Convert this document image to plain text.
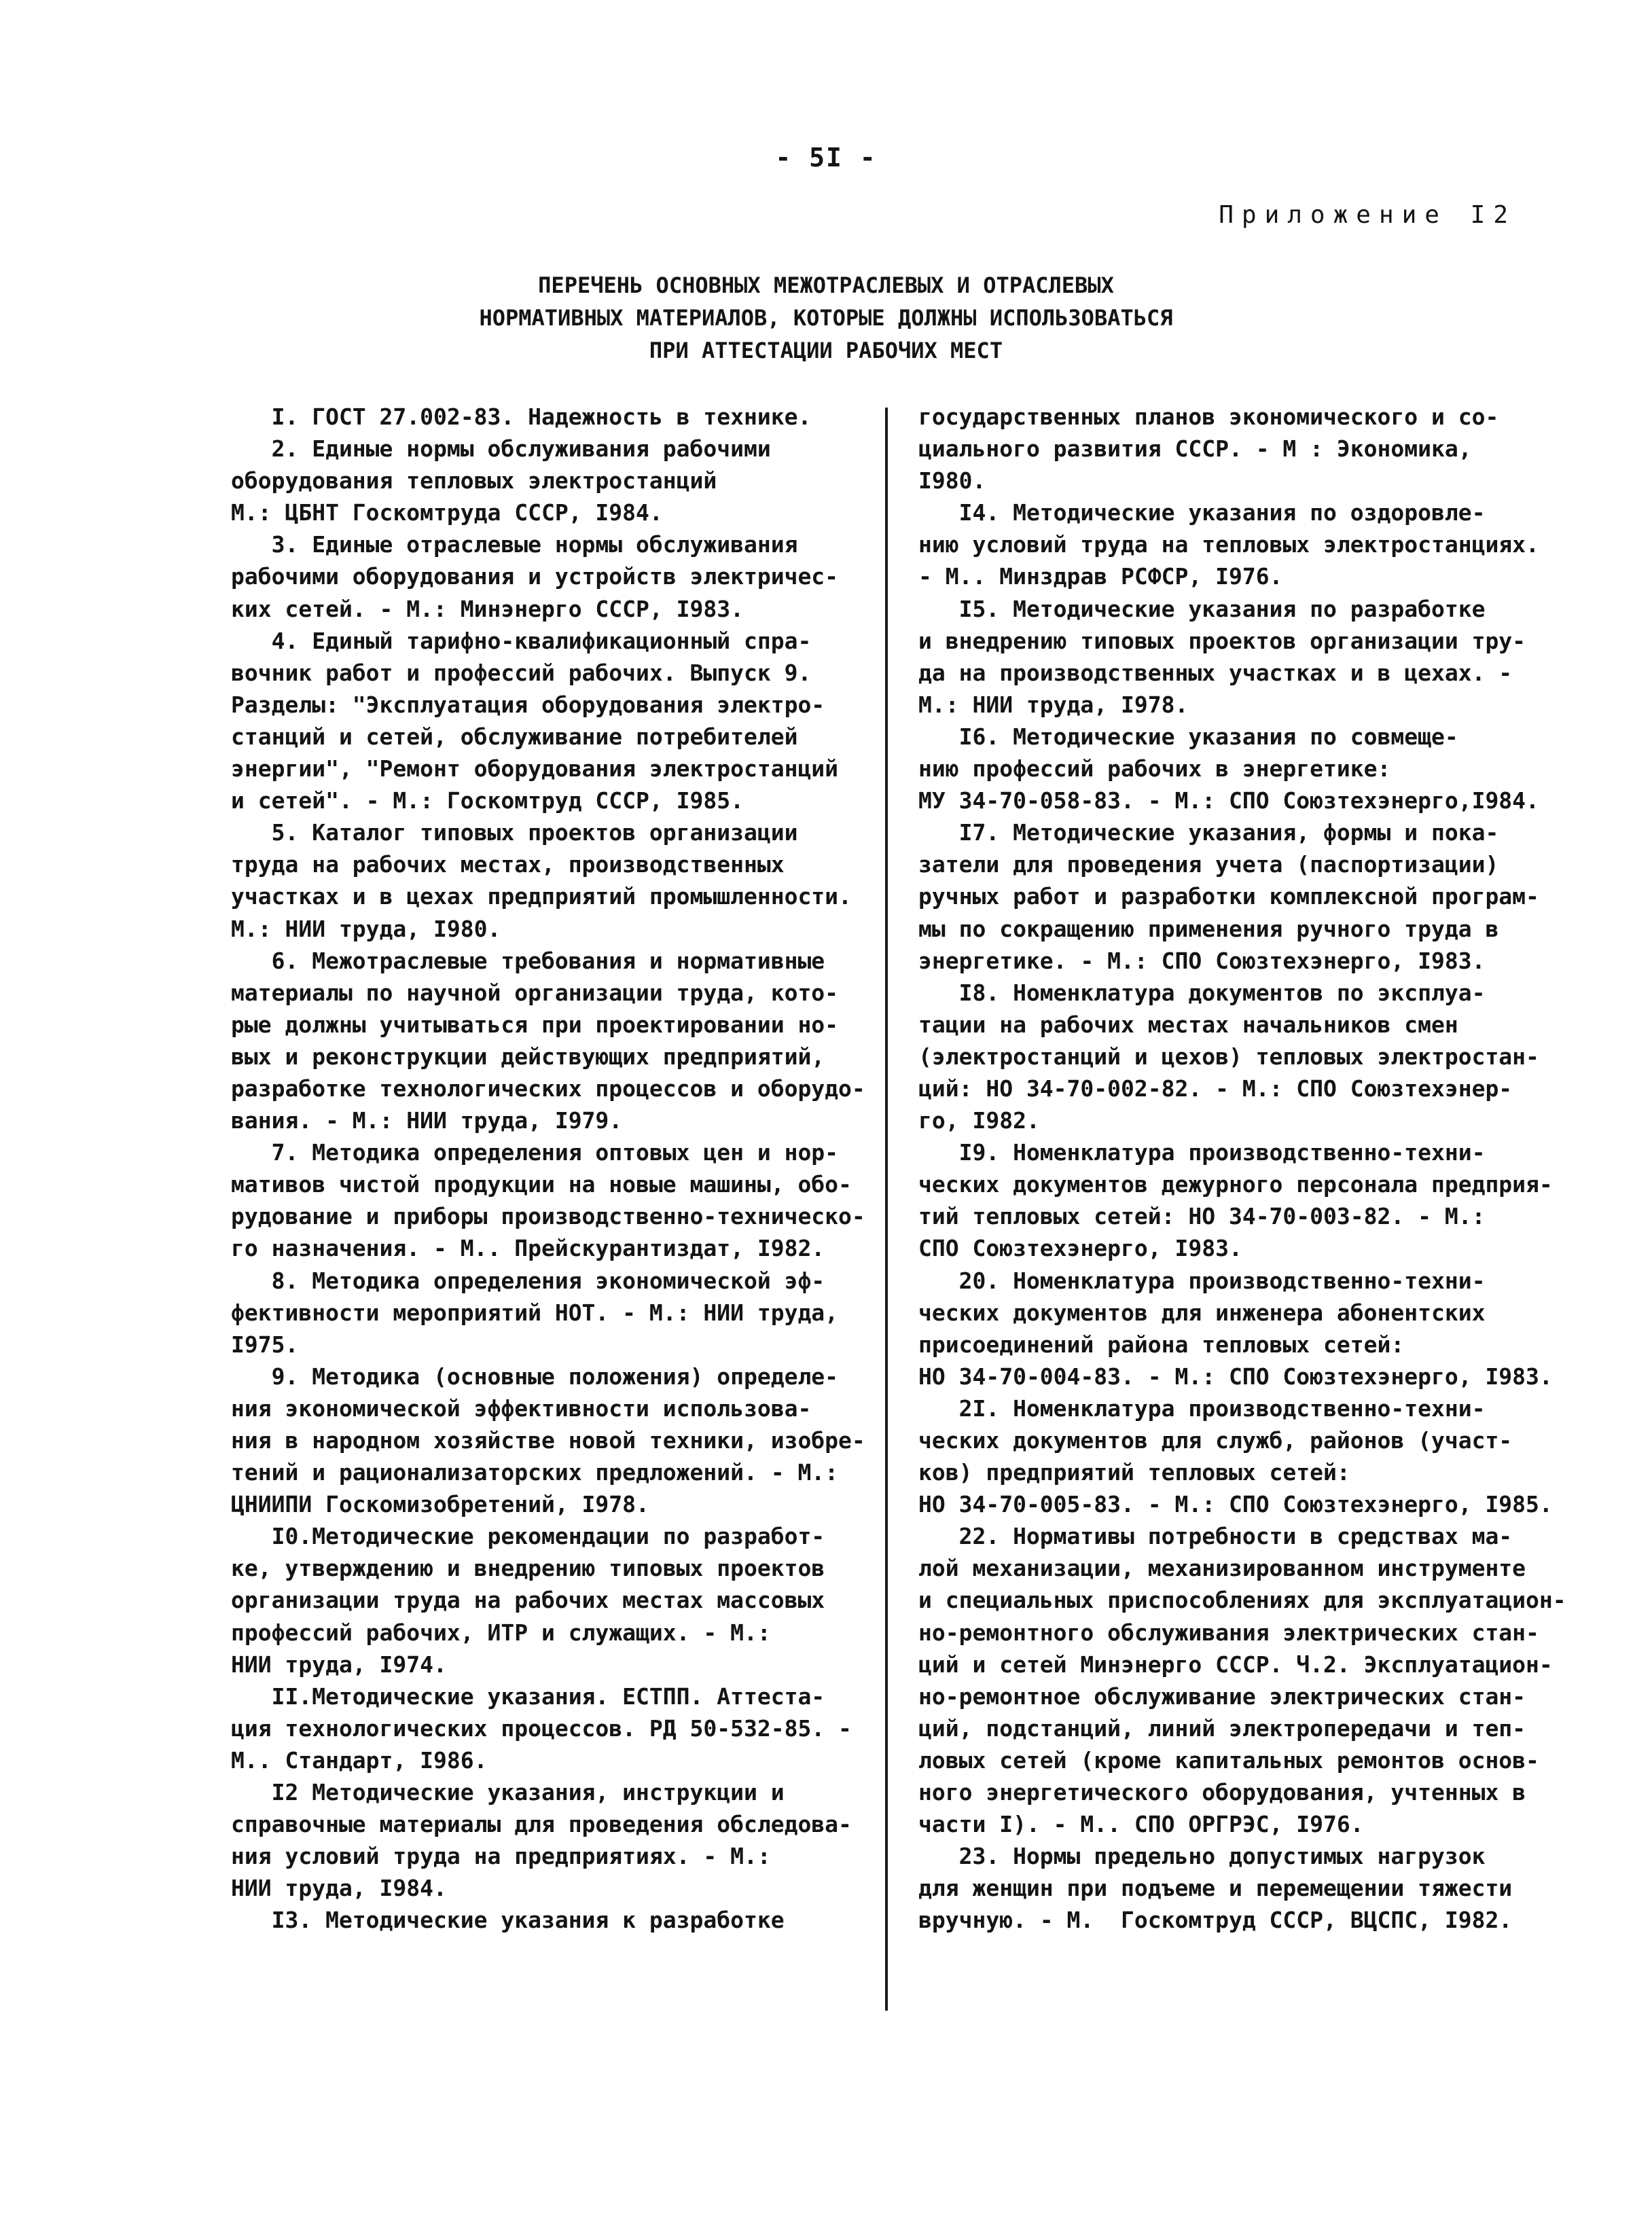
- 5I -
Приложение I2
ПЕРЕЧЕНЬ ОСНОВНЫХ МЕЖОТРАСЛЕВЫХ И ОТРАСЛЕВЫХ
НОРМАТИВНЫХ МАТЕРИАЛОВ, КОТОРЫЕ ДОЛЖНЫ ИСПОЛЬЗОВАТЬСЯ
ПРИ АТТЕСТАЦИИ РАБОЧИХ МЕСТ
I. ГОСТ 27.002-83. Надежность в технике.
2. Единые нормы обслуживания рабочими
оборудования тепловых электростанций
М.: ЦБНТ Госкомтруда СССР, I984.
3. Единые отраслевые нормы обслуживания
рабочими оборудования и устройств электричес-
ких сетей. - М.: Минэнерго СССР, I983.
4. Единый тарифно-квалификационный спра-
вочник работ и профессий рабочих. Выпуск 9.
Разделы: "Эксплуатация оборудования электро-
станций и сетей, обслуживание потребителей
энергии", "Ремонт оборудования электростанций
и сетей". - М.: Госкомтруд СССР, I985.
5. Каталог типовых проектов организации
труда на рабочих местах, производственных
участках и в цехах предприятий промышленности.
М.: НИИ труда, I980.
6. Межотраслевые требования и нормативные
материалы по научной организации труда, кото-
рые должны учитываться при проектировании но-
вых и реконструкции действующих предприятий,
разработке технологических процессов и оборудо-
вания. - М.: НИИ труда, I979.
7. Методика определения оптовых цен и нор-
мативов чистой продукции на новые машины, обо-
рудование и приборы производственно-техническо-
го назначения. - М.. Прейскурантиздат, I982.
8. Методика определения экономической эф-
фективности мероприятий НОТ. - М.: НИИ труда,
I975.
9. Методика (основные положения) определе-
ния экономической эффективности использова-
ния в народном хозяйстве новой техники, изобре-
тений и рационализаторских предложений. - М.:
ЦНИИПИ Госкомизобретений, I978.
I0.Методические рекомендации по разработ-
ке, утверждению и внедрению типовых проектов
организации труда на рабочих местах массовых
профессий рабочих, ИТР и служащих. - М.:
НИИ труда, I974.
II.Методические указания. ЕСТПП. Аттеста-
ция технологических процессов. РД 50-532-85. -
М.. Стандарт, I986.
I2 Методические указания, инструкции и
справочные материалы для проведения обследова-
ния условий труда на предприятиях. - М.:
НИИ труда, I984.
I3. Методические указания к разработке
государственных планов экономического и со-
циального развития СССР. - М : Экономика,
I980.
I4. Методические указания по оздоровле-
нию условий труда на тепловых электростанциях.
- М.. Минздрав РСФСР, I976.
I5. Методические указания по разработке
и внедрению типовых проектов организации тру-
да на производственных участках и в цехах. -
М.: НИИ труда, I978.
I6. Методические указания по совмеще-
нию профессий рабочих в энергетике:
МУ 34-70-058-83. - М.: СПО Союзтехэнерго,I984.
I7. Методические указания, формы и пока-
затели для проведения учета (паспортизации)
ручных работ и разработки комплексной програм-
мы по сокращению применения ручного труда в
энергетике. - М.: СПО Союзтехэнерго, I983.
I8. Номенклатура документов по эксплуа-
тации на рабочих местах начальников смен
(электростанций и цехов) тепловых электростан-
ций: НО 34-70-002-82. - М.: СПО Союзтехэнер-
го, I982.
I9. Номенклатура производственно-техни-
ческих документов дежурного персонала предприя-
тий тепловых сетей: НО 34-70-003-82. - М.:
СПО Союзтехэнерго, I983.
20. Номенклатура производственно-техни-
ческих документов для инженера абонентских
присоединений района тепловых сетей:
НО 34-70-004-83. - М.: СПО Союзтехэнерго, I983.
2I. Номенклатура производственно-техни-
ческих документов для служб, районов (участ-
ков) предприятий тепловых сетей:
НО 34-70-005-83. - М.: СПО Союзтехэнерго, I985.
22. Нормативы потребности в средствах ма-
лой механизации, механизированном инструменте
и специальных приспособлениях для эксплуатацион-
но-ремонтного обслуживания электрических стан-
ций и сетей Минэнерго СССР. Ч.2. Эксплуатацион-
но-ремонтное обслуживание электрических стан-
ций, подстанций, линий электропередачи и теп-
ловых сетей (кроме капитальных ремонтов основ-
ного энергетического оборудования, учтенных в
части I). - М.. СПО ОРГРЭС, I976.
23. Нормы предельно допустимых нагрузок
для женщин при подъеме и перемещении тяжести
вручную. - М.  Госкомтруд СССР, ВЦСПС, I982.
